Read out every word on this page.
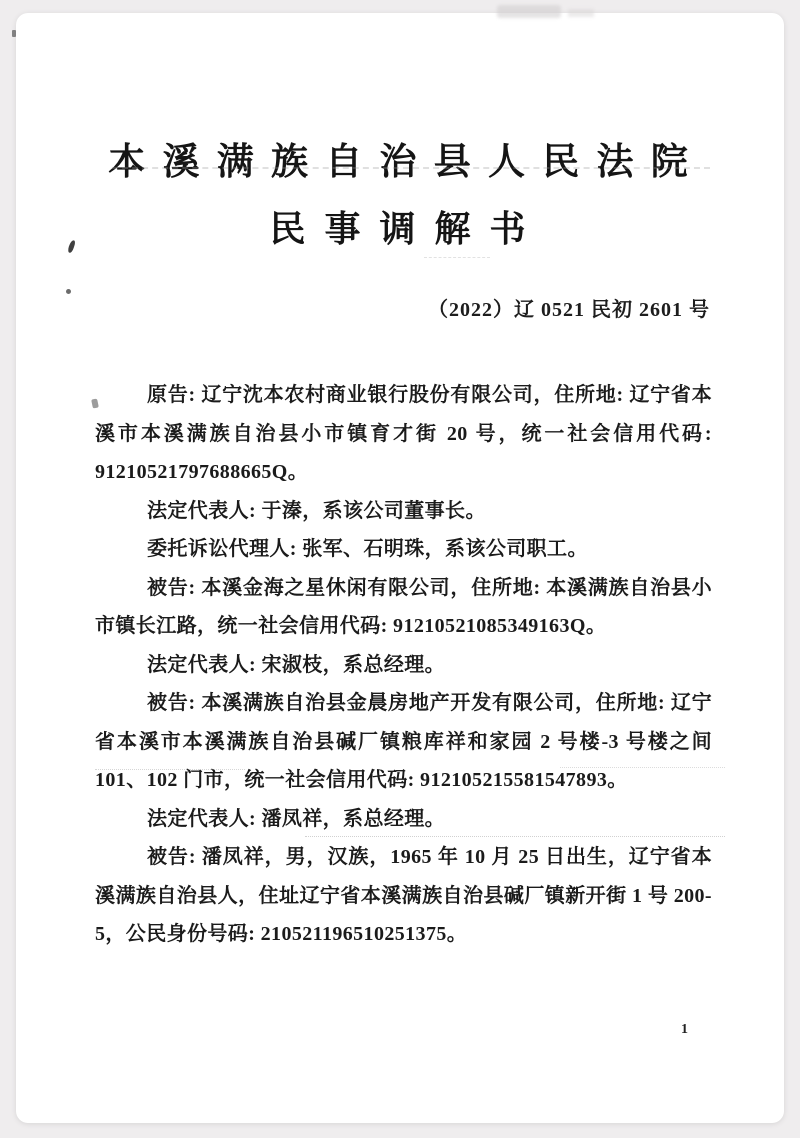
本 溪 满 族 自 治 县 人 民 法 院
民 事 调 解 书
（2022）辽 0521 民初 2601 号

原告: 辽宁沈本农村商业银行股份有限公司，住所地: 辽宁省本溪市本溪满族自治县小市镇育才街 20 号，统一社会信用代码: 91210521797688665Q。

法定代表人: 于溱，系该公司董事长。

委托诉讼代理人: 张军、石明珠，系该公司职工。

被告: 本溪金海之星休闲有限公司，住所地: 本溪满族自治县小市镇长江路，统一社会信用代码: 91210521085349163Q。

法定代表人: 宋淑枝，系总经理。

被告: 本溪满族自治县金晨房地产开发有限公司，住所地: 辽宁省本溪市本溪满族自治县碱厂镇粮库祥和家园 2 号楼-3 号楼之间 101、102 门市，统一社会信用代码: 912105215581547893。

法定代表人: 潘凤祥，系总经理。

被告: 潘凤祥，男，汉族，1965 年 10 月 25 日出生，辽宁省本溪满族自治县人，住址辽宁省本溪满族自治县碱厂镇新开街 1 号 200-5，公民身份号码: 210521196510251375。

1
